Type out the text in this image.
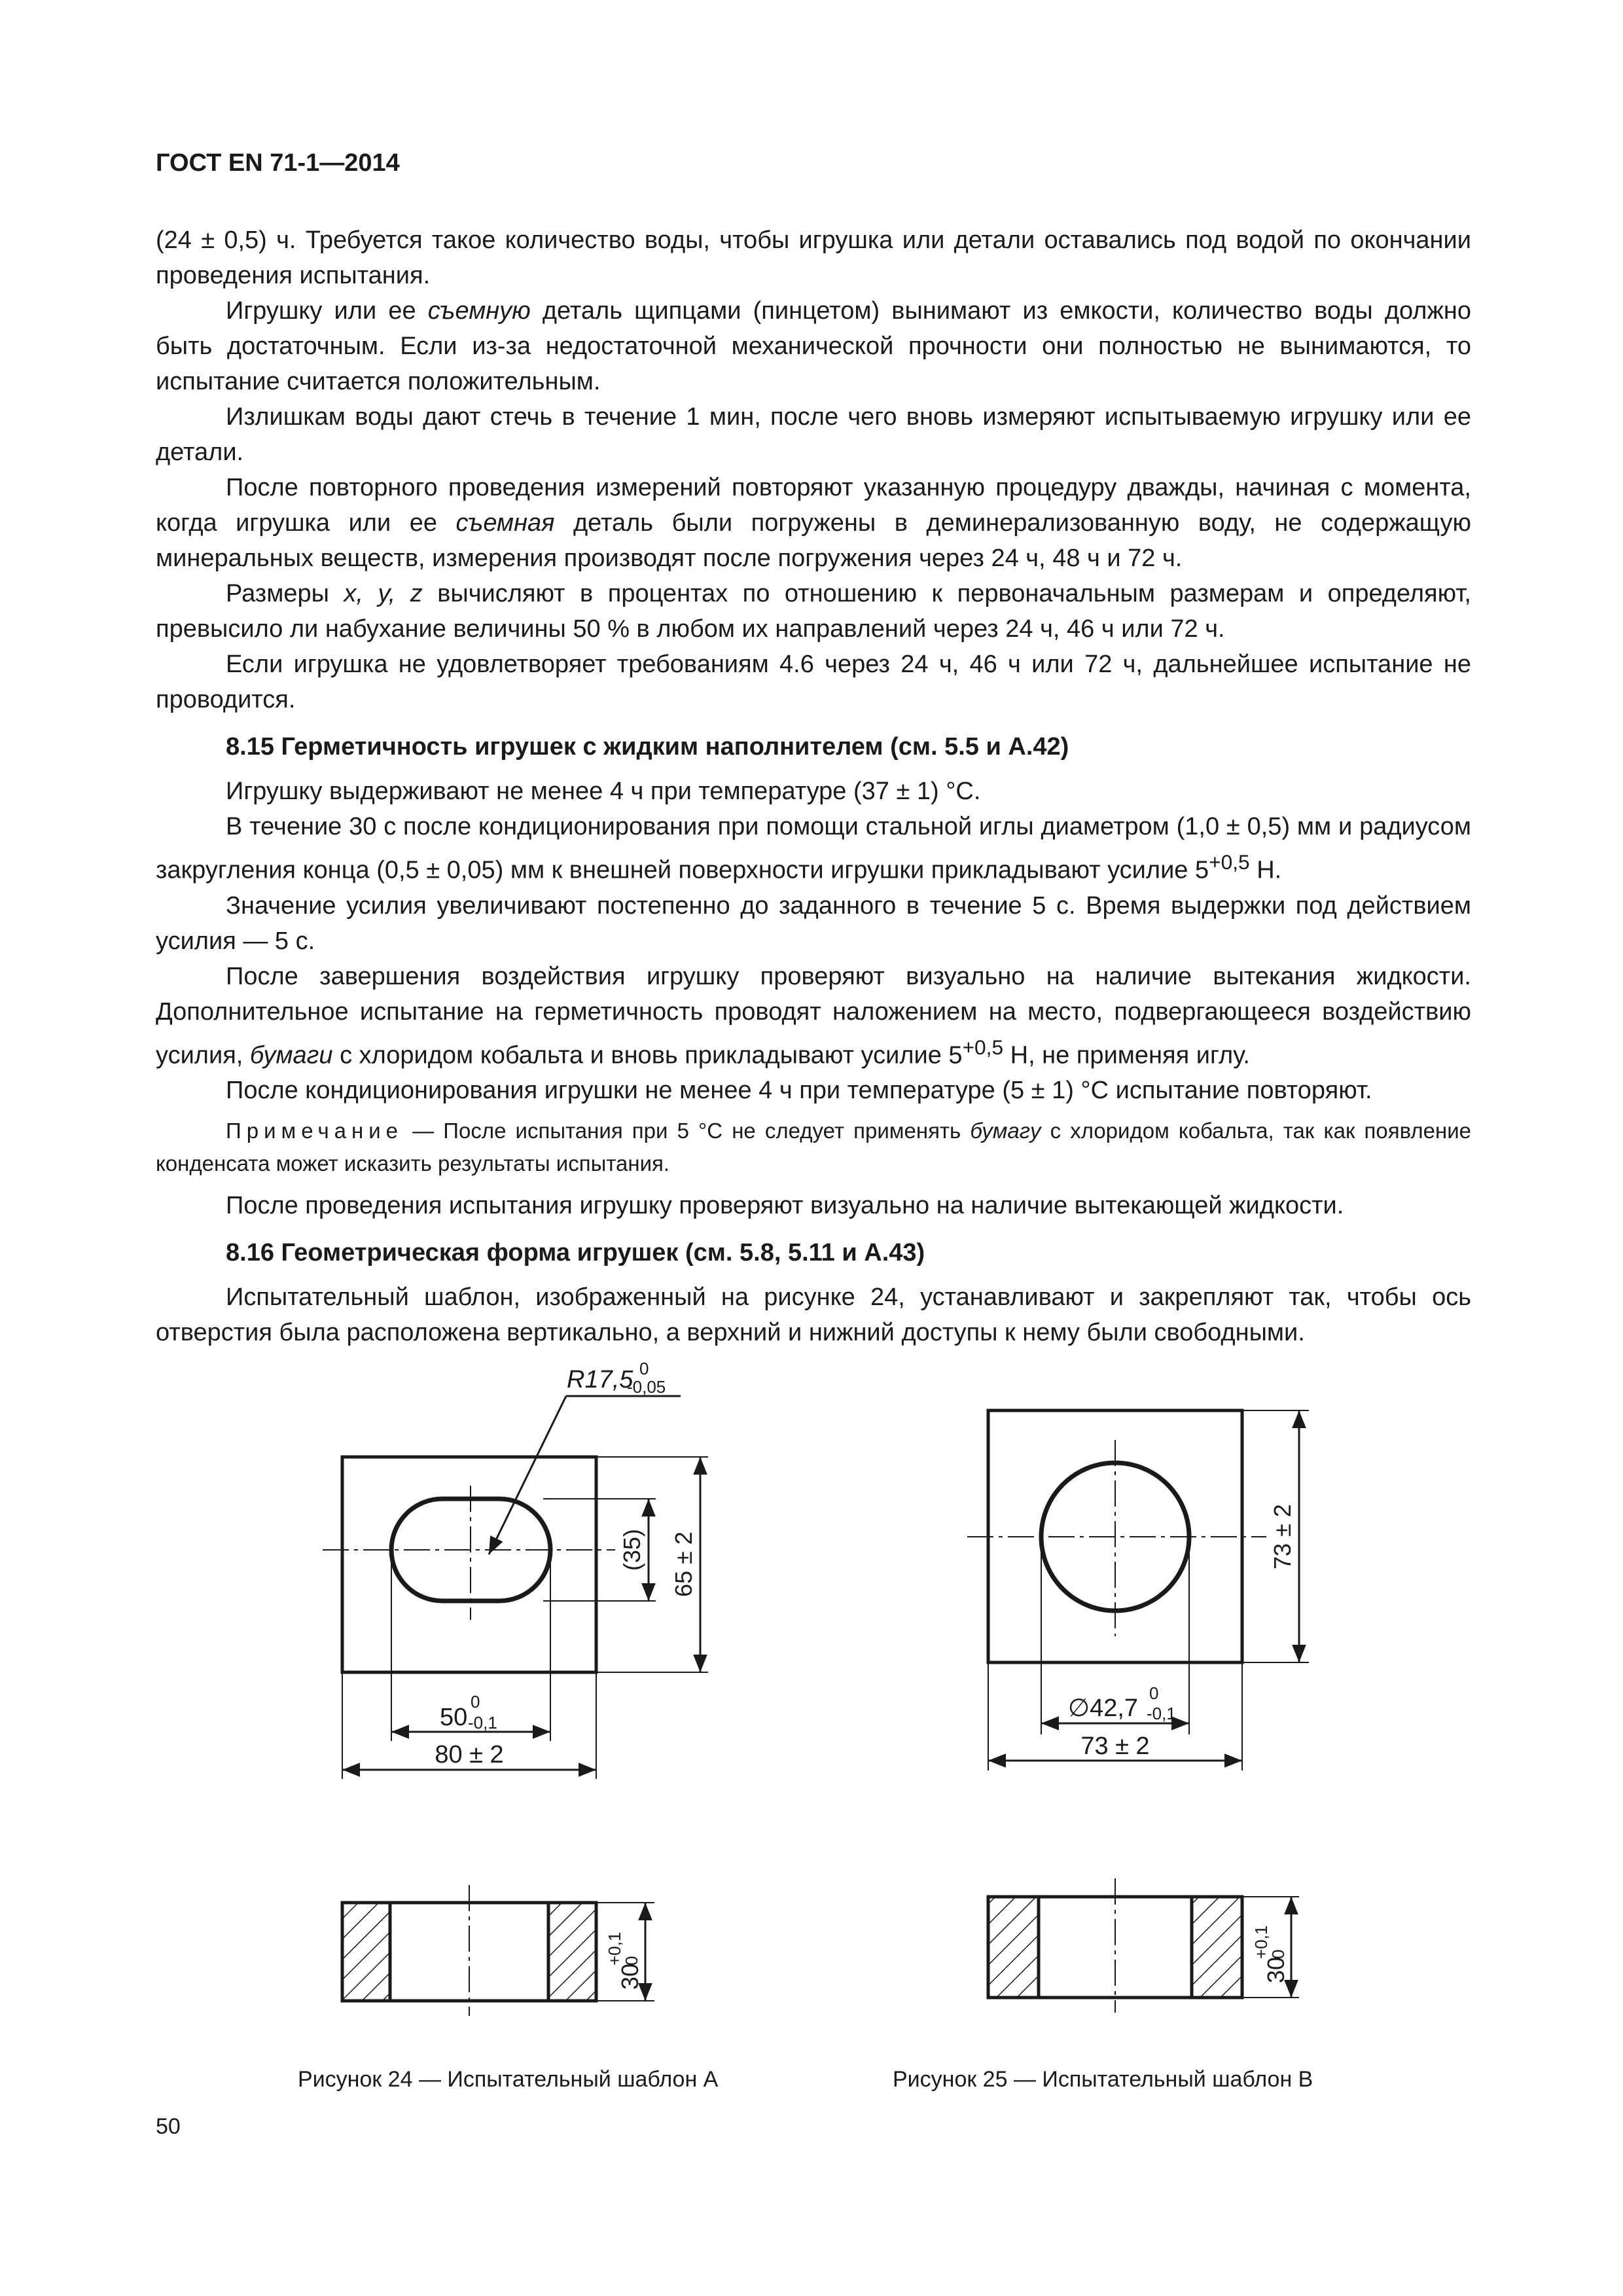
ГОСТ EN 71-1—2014

(24 ± 0,5) ч. Требуется такое количество воды, чтобы игрушка или детали оставались под водой по окончании проведения испытания.

Игрушку или ее съемную деталь щипцами (пинцетом) вынимают из емкости, количество воды должно быть достаточным. Если из-за недостаточной механической прочности они полностью не вынимаются, то испытание считается положительным.

Излишкам воды дают стечь в течение 1 мин, после чего вновь измеряют испытываемую игрушку или ее детали.

После повторного проведения измерений повторяют указанную процедуру дважды, начиная с момента, когда игрушка или ее съемная деталь были погружены в деминерализованную воду, не содержащую минеральных веществ, измерения производят после погружения через 24 ч, 48 ч и 72 ч.

Размеры x, y, z вычисляют в процентах по отношению к первоначальным размерам и определяют, превысило ли набухание величины 50 % в любом их направлений через 24 ч, 46 ч или 72 ч.

Если игрушка не удовлетворяет требованиям 4.6 через 24 ч, 46 ч или 72 ч, дальнейшее испытание не проводится.

8.15 Герметичность игрушек с жидким наполнителем (см. 5.5 и А.42)

Игрушку выдерживают не менее 4 ч при температуре (37 ± 1) °C.

В течение 30 с после кондиционирования при помощи стальной иглы диаметром (1,0 ± 0,5) мм и радиусом закругления конца (0,5 ± 0,05) мм к внешней поверхности игрушки прикладывают усилие $5^{+0,5}$ Н.

Значение усилия увеличивают постепенно до заданного в течение 5 с. Время выдержки под действием усилия — 5 с.

После завершения воздействия игрушку проверяют визуально на наличие вытекания жидкости. Дополнительное испытание на герметичность проводят наложением на место, подвергающееся воздействию усилия, бумаги с хлоридом кобальта и вновь прикладывают усилие $5^{+0,5}$ Н, не применяя иглу.

После кондиционирования игрушки не менее 4 ч при температуре (5 ± 1) °C испытание повторяют.

Примечание — После испытания при 5 °C не следует применять бумагу с хлоридом кобальта, так как появление конденсата может исказить результаты испытания.

После проведения испытания игрушку проверяют визуально на наличие вытекающей жидкости.

8.16 Геометрическая форма игрушек (см. 5.8, 5.11 и А.43)

Испытательный шаблон, изображенный на рисунке 24, устанавливают и закрепляют так, чтобы ось отверстия была расположена вертикально, а верхний и нижний доступы к нему были свободными.

R17,5 0
-0,05
(35) 65 ± 2
50
0
-0,1
80 ± 2
30
+0,1
0
73 ± 2
∅42,7
0
-0,1
73 ± 2
30
+0,1
0
Рисунок 24 — Испытательный шаблон А	Рисунок 25 — Испытательный шаблон В
50
